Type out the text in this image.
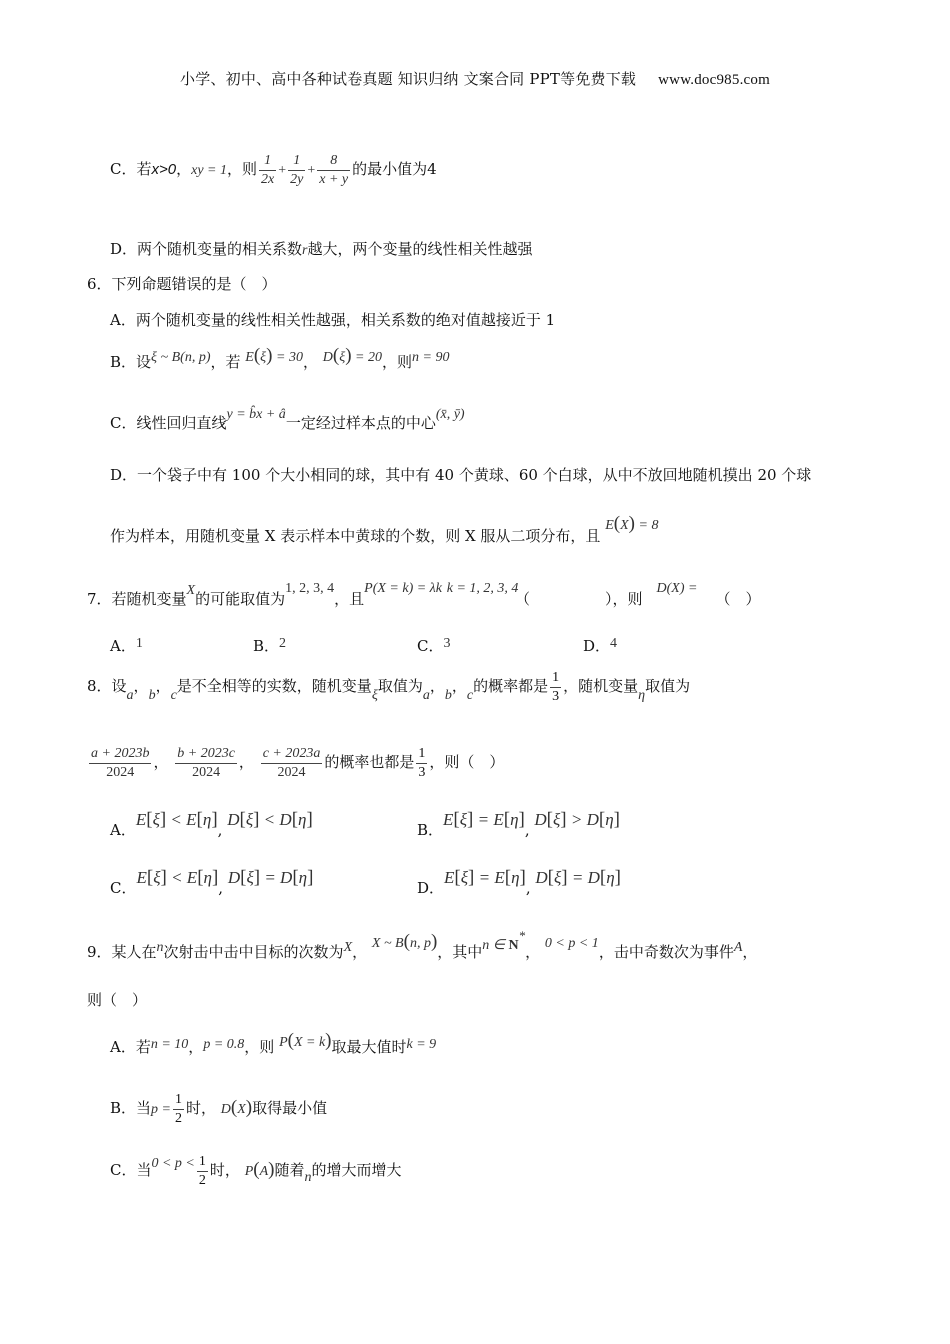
小学、初中、高中各种试卷真题 知识归纳 文案合同 PPT等免费下载 www.doc985.com
C．若x>0，xy = 1，则 $\frac{1}{2x} + \frac{1}{2y} + \frac{8}{x + y}$ 的最小值为4
D．两个随机变量的相关系数r越大，两个变量的线性相关性越强
6．下列命题错误的是（　）
A．两个随机变量的线性相关性越强，相关系数的绝对值越接近于 1
B．设ξ ~ B(n, p)，若 E(ξ) = 30， D(ξ) = 20，则n = 90
C．线性回归直线y = b̂x + â一定经过样本点的中心(x̄, ȳ)
D．一个袋子中有 100 个大小相同的球，其中有 40 个黄球、60 个白球，从中不放回地随机摸出 20 个球
作为样本，用随机变量 X 表示样本中黄球的个数，则 X 服从二项分布，且 E(X) = 8
7．若随机变量X的可能取值为1, 2, 3, 4，且P(X = k) = λk k = 1, 2, 3, 4
（	），则D(X) =（　）
A．1	B．2	C．3	D．4
8．设a，b，c是不全相等的实数，随机变量ξ取值为a，b，c的概率都是 $\frac{1}{3}$ ，随机变量η取值为
$\frac{a + 2023b}{2024}$ ， $\frac{b + 2023c}{2024}$ ， $\frac{c + 2023a}{2024}$ 的概率也都是 $\frac{1}{3}$ ，则（　）
A．E[ξ] < E[η], D[ξ] < D[η]	B．E[ξ] = E[η], D[ξ] > D[η]
C．E[ξ] < E[η], D[ξ] = D[η]	D．E[ξ] = E[η], D[ξ] = D[η]
9．某人在n次射击中击中目标的次数为X， X ~ B(n, p)，其中n ∈ N*， 0 < p < 1，击中奇数次为事件A，
则（　）
A．若n = 10，p = 0.8，则 P(X = k)取最大值时k = 9
B．当$p = \frac{1}{2}$ 时， D(X)取得最小值
C．当$0 < p < \frac{1}{2}$ 时， P(A)随着n的增大而增大
